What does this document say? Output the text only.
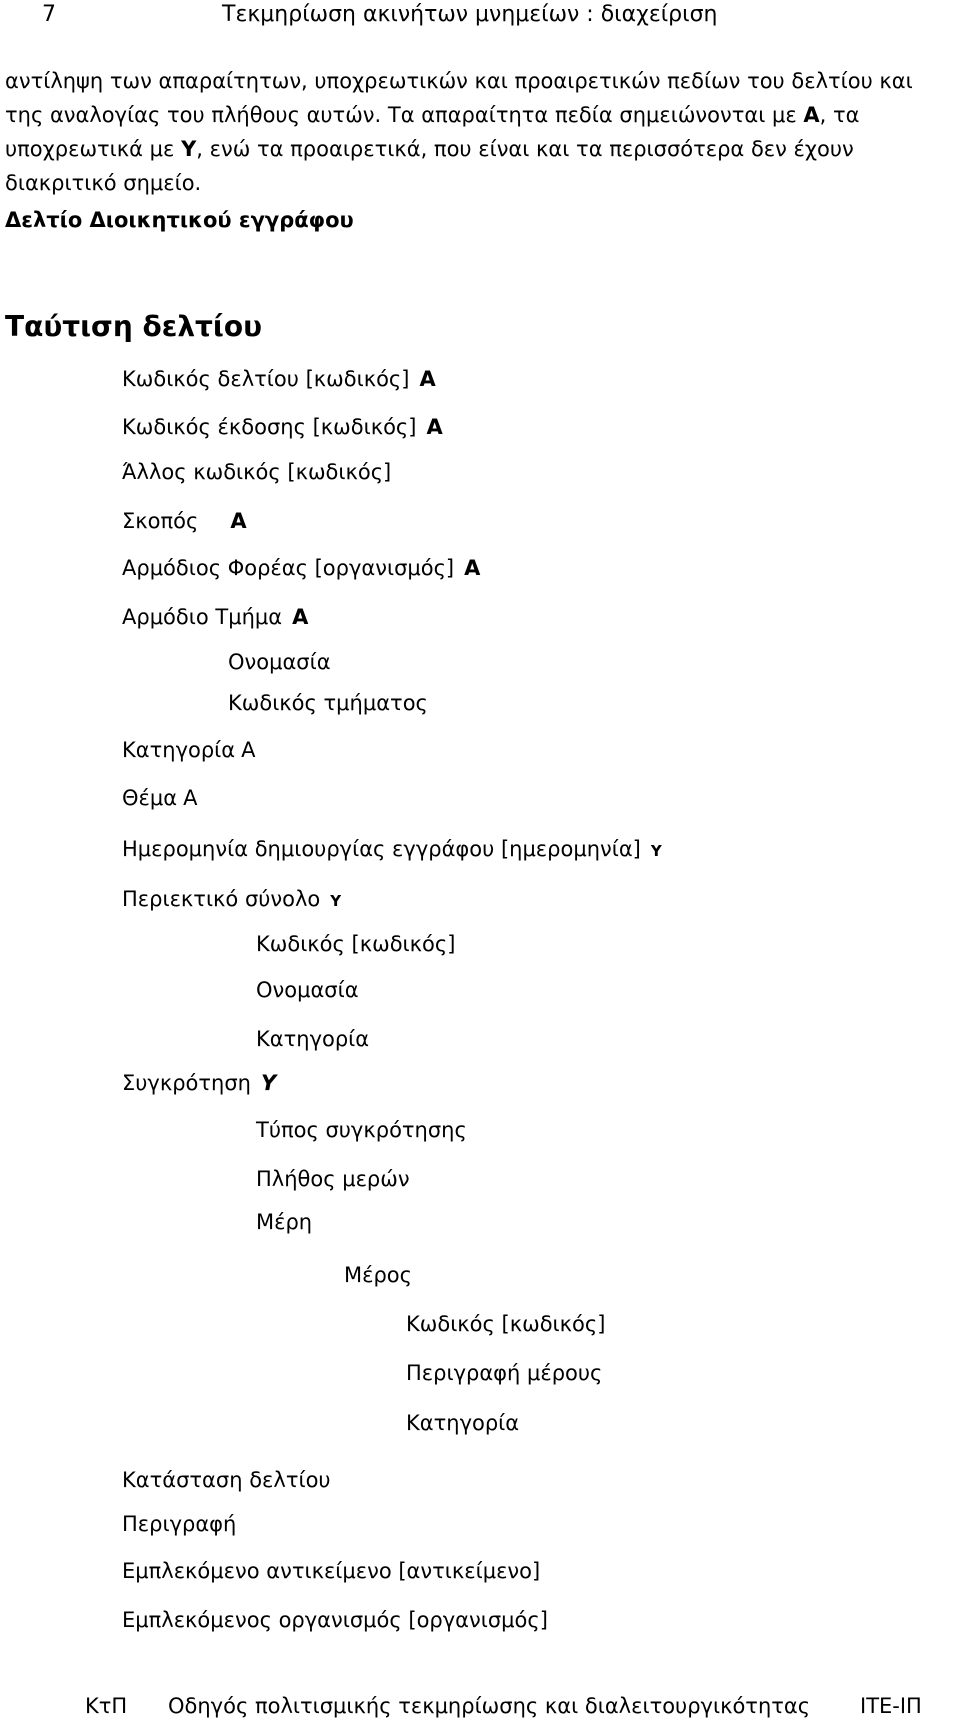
7	Τεκμηρίωση ακινήτων μνημείων : διαχείριση
αντίληψη των απαραίτητων, υποχρεωτικών και προαιρετικών πεδίων του δελτίου και
της αναλογίας του πλήθους αυτών. Τα απαραίτητα πεδία σημειώνονται με Α, τα
υποχρεωτικά με Υ, ενώ τα προαιρετικά, που είναι και τα περισσότερα δεν έχουν
διακριτικό σημείο.
Δελτίο Διοικητικού εγγράφου
Ταύτιση δελτίου
Κωδικός δελτίου [κωδικός] Α
Κωδικός έκδοσης [κωδικός] Α
Άλλος κωδικός [κωδικός]
Σκοπός Α
Αρμόδιος Φορέας [οργανισμός] Α
Αρμόδιο Τμήμα Α
Ονομασία
Κωδικός τμήματος
Κατηγορία Α
Θέμα Α
Ημερομηνία δημιουργίας εγγράφου [ημερομηνία] Υ
Περιεκτικό σύνολο Υ
Κωδικός [κωδικός]
Ονομασία
Κατηγορία
Συγκρότηση Υ
Τύπος συγκρότησης
Πλήθος μερών
Μέρη
Μέρος
Κωδικός [κωδικός]
Περιγραφή μέρους
Κατηγορία
Κατάσταση δελτίου
Περιγραφή
Εμπλεκόμενο αντικείμενο [αντικείμενο]
Εμπλεκόμενος οργανισμός [οργανισμός]
ΚτΠ Οδηγός πολιτισμικής τεκμηρίωσης και διαλειτουργικότητας ΙΤΕ-ΙΠ
